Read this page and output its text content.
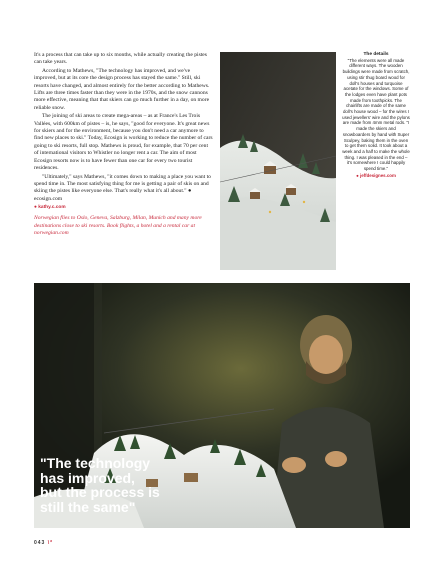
It's a process that can take up to six months, while actually creating the pistes can take years.

According to Mathews, "The technology has improved, and we've improved, but at its core the design process has stayed the same." Still, ski resorts have changed, and almost entirely for the better according to Mathews. Lifts are three times faster than they were in the 1970s, and the snow cannons more effective, meaning that that skiers can go much further in a day, on more reliable snow.

The joining of ski areas to create mega-areas – as at France's Les Trois Vallées, with 600km of pistes – is, he says, "good for everyone. It's great news for skiers and for the environment, because you don't need a car anymore to find new places to ski." Today, Ecosign is working to reduce the number of cars going to ski resorts, full stop. Mathews is proud, for example, that 70 per cent of international visitors to Whistler no longer rent a car. The aim of most Ecosign resorts now is to have fewer than one car for every two tourist residences.

"Ultimately," says Mathews, "it comes down to making a place you want to spend time in. The most satisfying thing for me is getting a pair of skis on and skiing the pistes like everyone else. That's really what it's all about." ● ecosign.com

● kathy.c.com
Norwegian flies to Oslo, Geneva, Salzburg, Milan, Munich and many more destinations close to ski resorts. Book flights, a hotel and a rental car at norwegian.com
The details
"The elements were all made different ways. The wooden buildings were made from scratch, using stir thug board wood for doll's houses and turquoise acetate for the windows. Some of the lodges even have plant pots made from toothpicks. The chairlifts are made of the same doll's house wood – for the wires I used jewellers' wire and the pylons are made from 4mm metal rods. "I made the skiers and snowboarders by hand with Super Sculpey, baking them in the oven to get them solid. It took about a week and a half to make the whole thing. I was pleased in the end – it's somewhere I could happily spend time."
● jeffdesignes.com
"The technology
has improved,
but the process is
still the same"
043 \*
